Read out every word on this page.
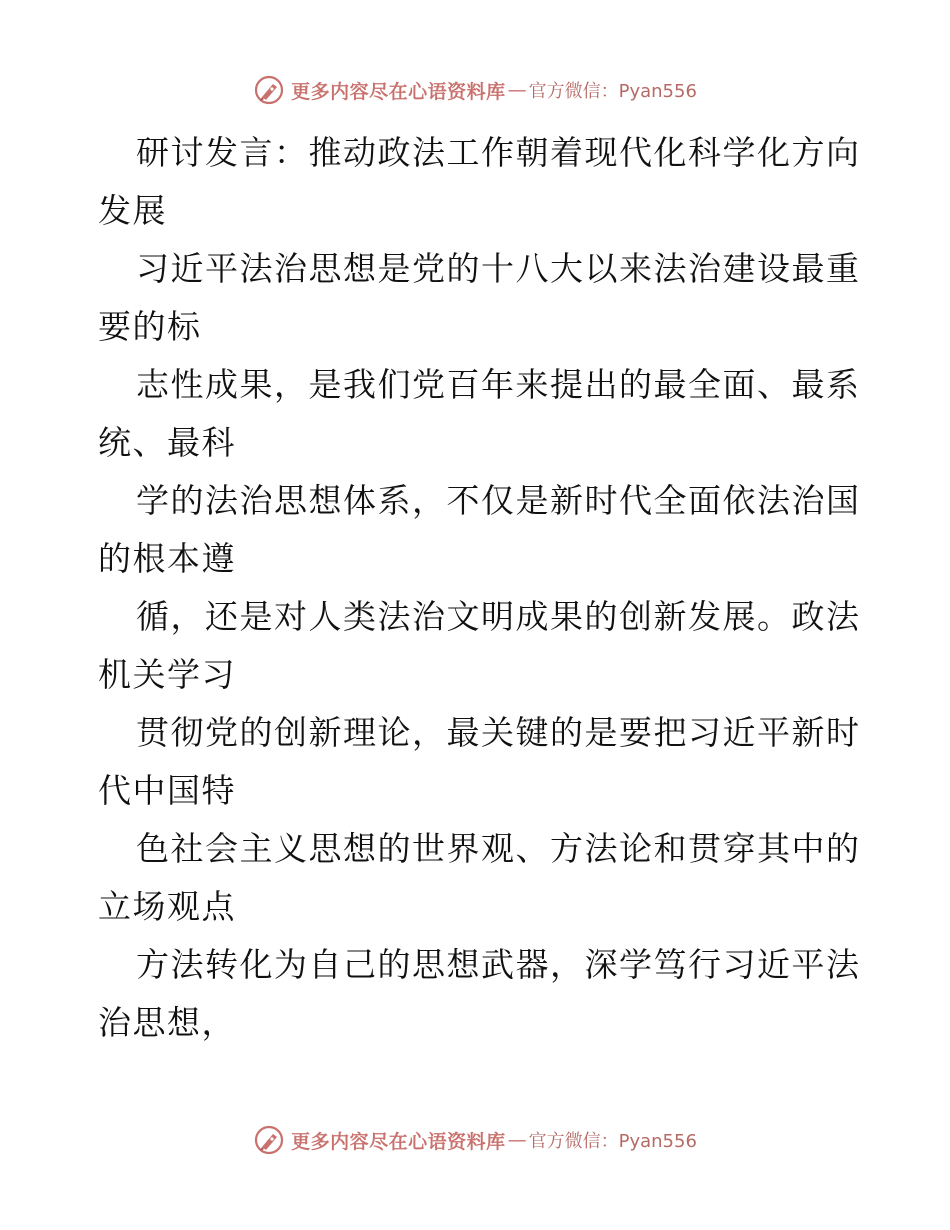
更多内容尽在心语资料库 — 官方微信：Pyan556
研讨发言：推动政法工作朝着现代化科学化方向
发展
习近平法治思想是党的十八大以来法治建设最重
要的标
志性成果，是我们党百年来提出的最全面、最系
统、最科
学的法治思想体系，不仅是新时代全面依法治国
的根本遵
循，还是对人类法治文明成果的创新发展。政法
机关学习
贯彻党的创新理论，最关键的是要把习近平新时
代中国特
色社会主义思想的世界观、方法论和贯穿其中的
立场观点
方法转化为自己的思想武器，深学笃行习近平法
治思想，
更多内容尽在心语资料库 — 官方微信：Pyan556
